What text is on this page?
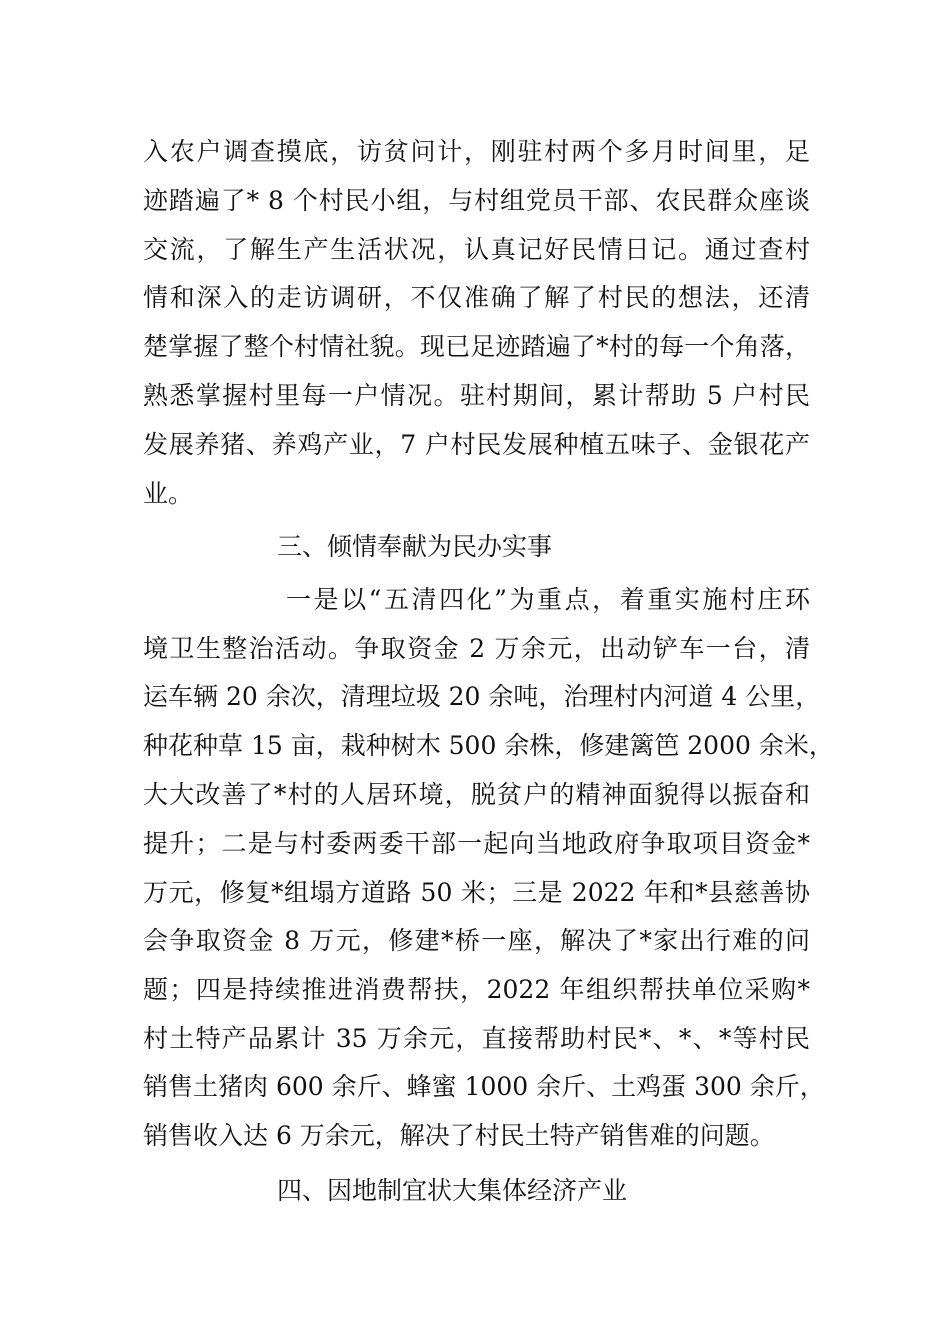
入农户调查摸底，访贫问计，刚驻村两个多月时间里，足
迹踏遍了* 8 个村民小组，与村组党员干部、农民群众座谈
交流，了解生产生活状况，认真记好民情日记。通过查村
情和深入的走访调研，不仅准确了解了村民的想法，还清
楚掌握了整个村情社貌。现已足迹踏遍了*村的每一个角落，
熟悉掌握村里每一户情况。驻村期间，累计帮助 5 户村民
发展养猪、养鸡产业，7 户村民发展种植五味子、金银花产
业。
三、倾情奉献为民办实事
一是以“五清四化”为重点，着重实施村庄环
境卫生整治活动。争取资金 2 万余元，出动铲车一台，清
运车辆 20 余次，清理垃圾 20 余吨，治理村内河道 4 公里，
种花种草 15 亩，栽种树木 500 余株，修建篱笆 2000 余米，
大大改善了*村的人居环境，脱贫户的精神面貌得以振奋和
提升；二是与村委两委干部一起向当地政府争取项目资金*
万元，修复*组塌方道路 50 米；三是 2022 年和*县慈善协
会争取资金 8 万元，修建*桥一座，解决了*家出行难的问
题；四是持续推进消费帮扶，2022 年组织帮扶单位采购*
村土特产品累计 35 万余元，直接帮助村民*、*、*等村民
销售土猪肉 600 余斤、蜂蜜 1000 余斤、土鸡蛋 300 余斤，
销售收入达 6 万余元，解决了村民土特产销售难的问题。
四、因地制宜状大集体经济产业
